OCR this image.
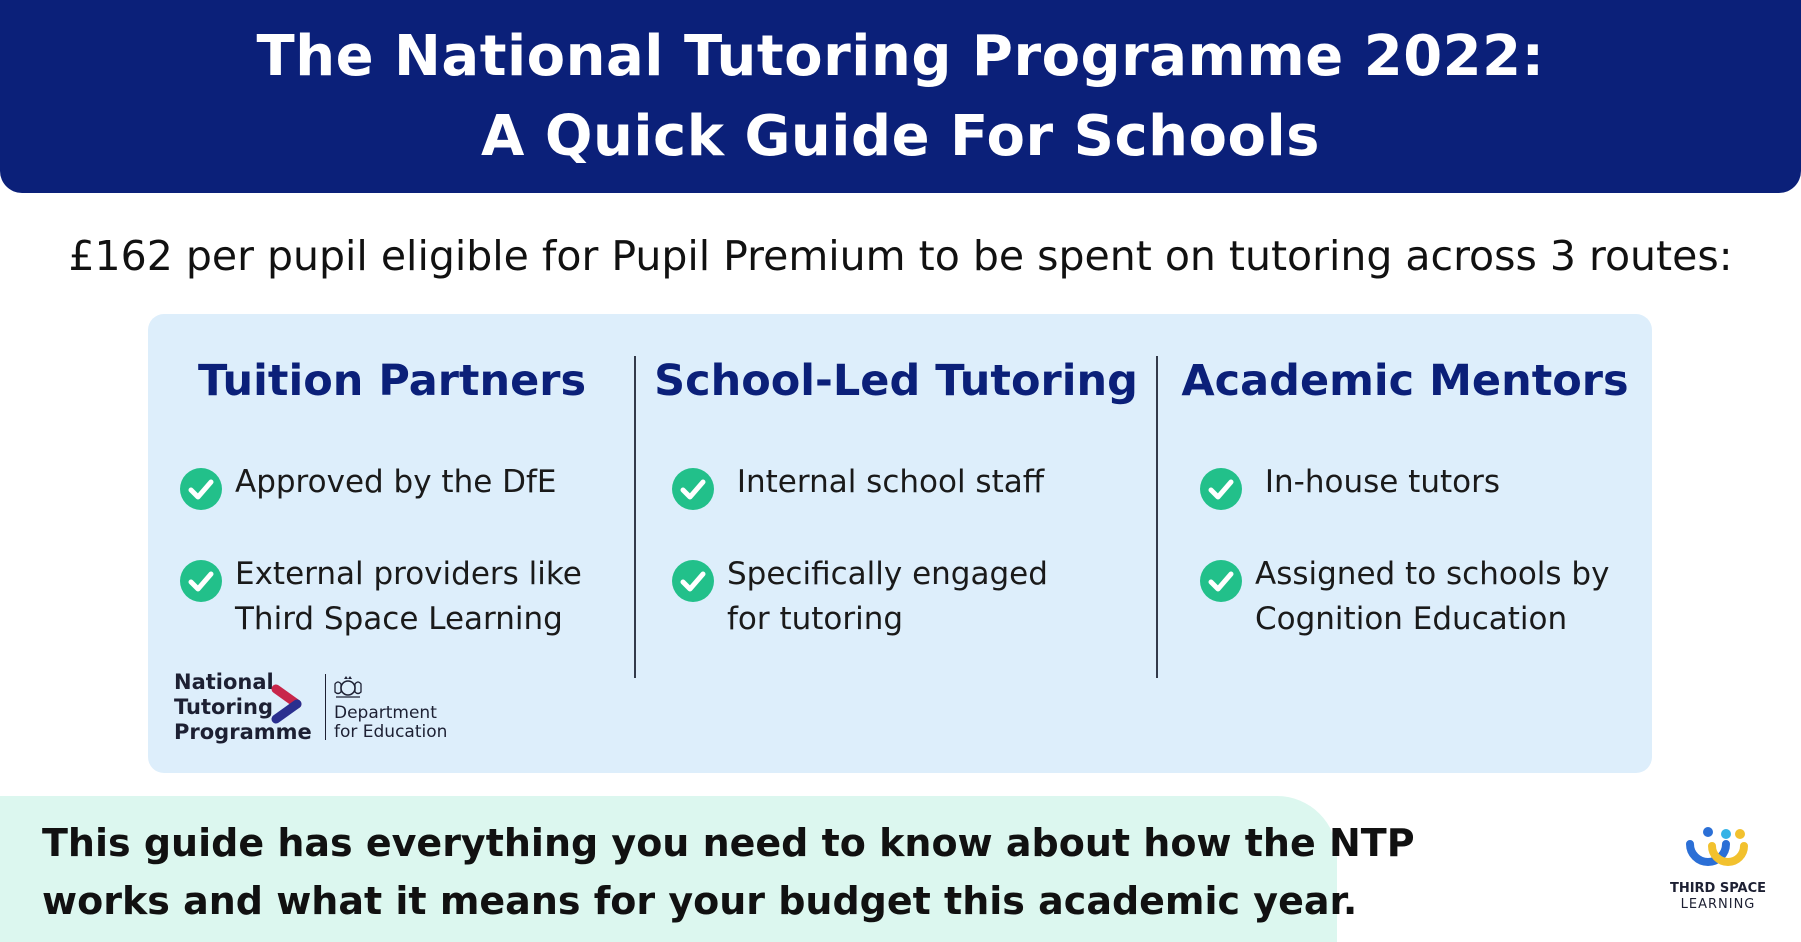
The National Tutoring Programme 2022:
A Quick Guide For Schools
£162 per pupil eligible for Pupil Premium to be spent on tutoring across 3 routes:
Tuition Partners
Approved by the DfE
External providers like
Third Space Learning
National
Tutoring
Programme
Department
for Education
School-Led Tutoring
Internal school staff
Specifically engaged
for tutoring
Academic Mentors
In-house tutors
Assigned to schools by
Cognition Education
This guide has everything you need to know about how the NTP
works and what it means for your budget this academic year.	THIRD SPACE
LEARNING
